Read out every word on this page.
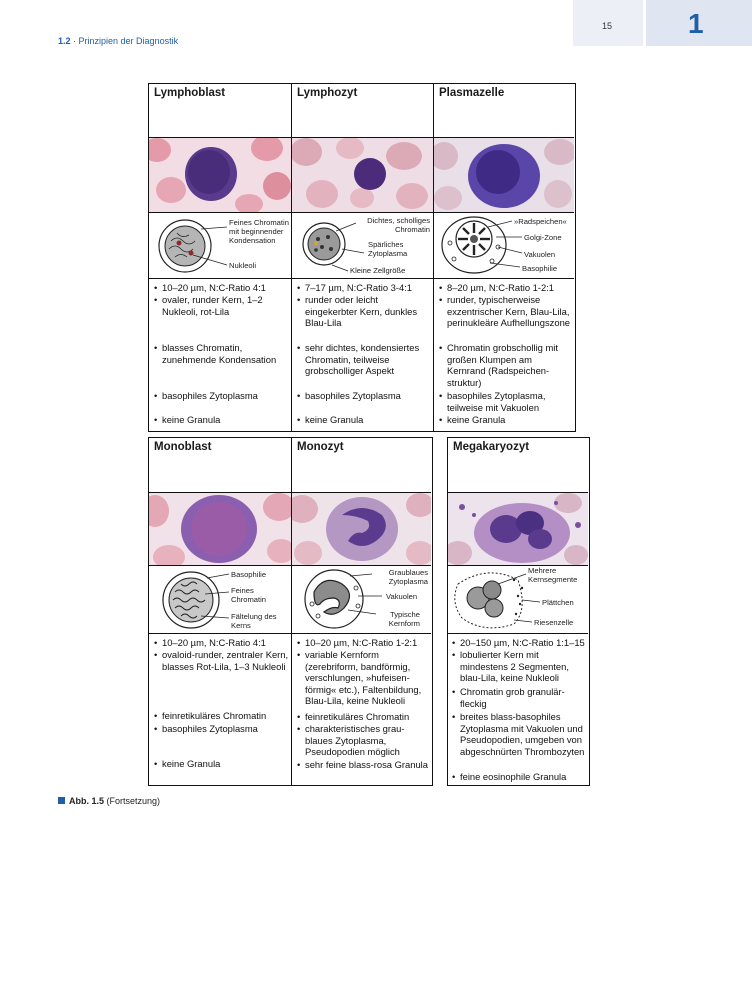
1.2 · Prinzipien der Diagnostik
15	1
Lymphoblast
Feines Chromatin mit beginnender Kondensation
Nukleoli
• 10–20 µm, N:C-Ratio 4:1
• ovaler, runder Kern, 1–2 Nukleoli, rot-Lila
• blasses Chromatin, zunehmende Kondensation
• basophiles Zytoplasma
• keine Granula
Lymphozyt
Dichtes, scholliges Chromatin
Spärliches Zytoplasma
Kleine Zellgröße
• 7–17 µm, N:C-Ratio 3-4:1
• runder oder leicht eingekerbter Kern, dunkles Blau-Lila
• sehr dichtes, kondensiertes Chromatin, teilweise grobscholliger Aspekt
• basophiles Zytoplasma
• keine Granula
Plasmazelle
»Radspeichen«
Golgi-Zone
Vakuolen
Basophilie
• 8–20 µm, N:C-Ratio 1-2:1
• runder, typischerweise exzentrischer Kern, Blau-Lila, perinukleäre Aufhellungszone
• Chromatin grobschollig mit großen Klumpen am Kernrand (Radspeichen-struktur)
• basophiles Zytoplasma, teilweise mit Vakuolen
• keine Granula
Monoblast
Basophilie
Feines Chromatin
Fältelung des Kerns
• 10–20 µm, N:C-Ratio 4:1
• ovaloid-runder, zentraler Kern, blasses Rot-Lila, 1–3 Nukleoli
• feinretikuläres Chromatin
• basophiles Zytoplasma
• keine Granula
Monozyt
Graublaues Zytoplasma
Vakuolen
Typische Kernform
• 10–20 µm, N:C-Ratio 1-2:1
• variable Kernform (zerebriform, bandförmig, verschlungen, »hufeisen-förmig« etc.), Faltenbildung, Blau-Lila, keine Nukleoli
• feinretikuläres Chromatin
• charakteristisches grau-blaues Zytoplasma, Pseudopodien möglich
• sehr feine blass-rosa Granula
Megakaryozyt
Mehrere Kernsegmente
Plättchen
Riesenzelle
• 20–150 µm, N:C-Ratio 1:1–15
• lobulierter Kern mit mindestens 2 Segmenten, blau-Lila, keine Nukleoli
• Chromatin grob granulär-fleckig
• breites blass-basophiles Zytoplasma mit Vakuolen und Pseudopodien, umgeben von abgeschnürten Thrombozyten
• feine eosinophile Granula
Abb. 1.5 (Fortsetzung)
